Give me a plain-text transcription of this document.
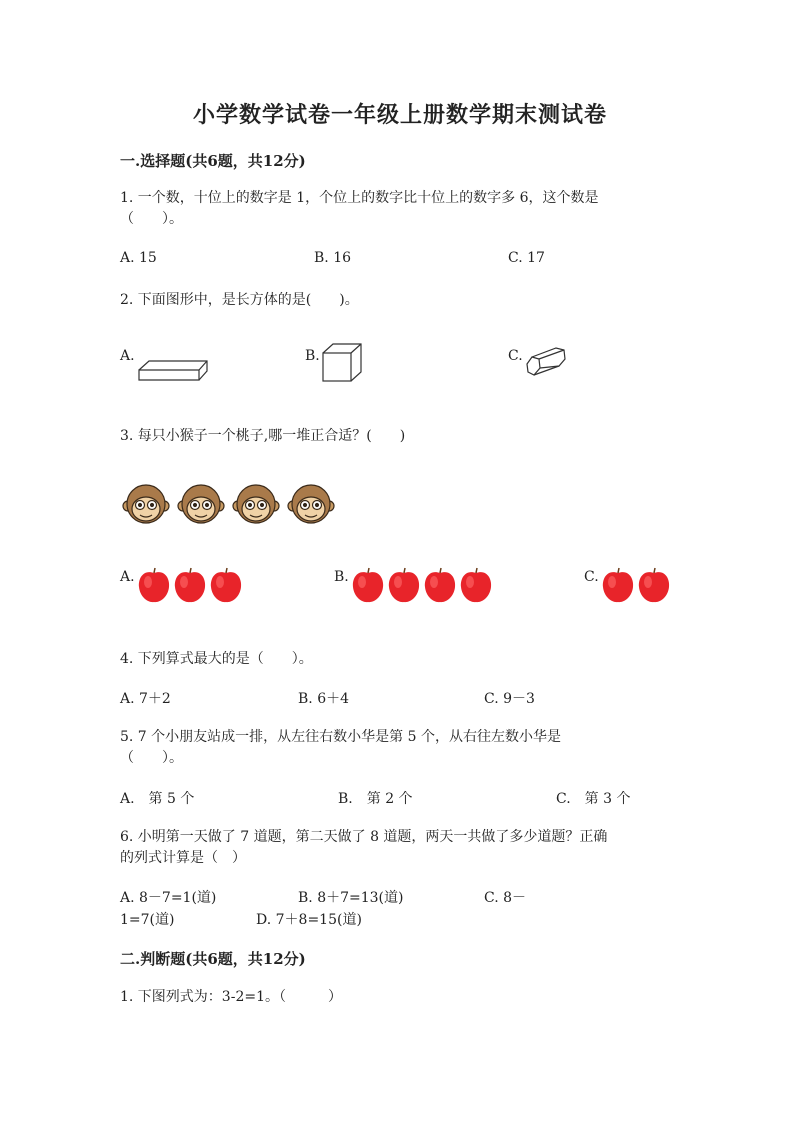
小学数学试卷一年级上册数学期末测试卷
一.选择题(共6题，共12分)
1. 一个数，十位上的数字是 1，个位上的数字比十位上的数字多 6，这个数是
（　　）。
A. 15	B. 16	C. 17
2. 下面图形中，是长方体的是(　　)。
A.	B.	C.
3. 每只小猴子一个桃子,哪一堆正合适？(　　)
A.	B.	C.
4. 下列算式最大的是（　　）。
A. 7＋2	B. 6＋4	C. 9－3
5. 7 个小朋友站成一排，从左往右数小华是第 5 个，从右往左数小华是
（　　）。
A.　第 5 个	B.　第 2 个	C.　第 3 个
6. 小明第一天做了 7 道题，第二天做了 8 道题，两天一共做了多少道题？正确
的列式计算是（　）
A. 8－7=1(道)	B. 8＋7=13(道)	C. 8－
1=7(道)	D. 7＋8=15(道)
二.判断题(共6题，共12分)
1. 下图列式为：3-2=1。（　　　）
